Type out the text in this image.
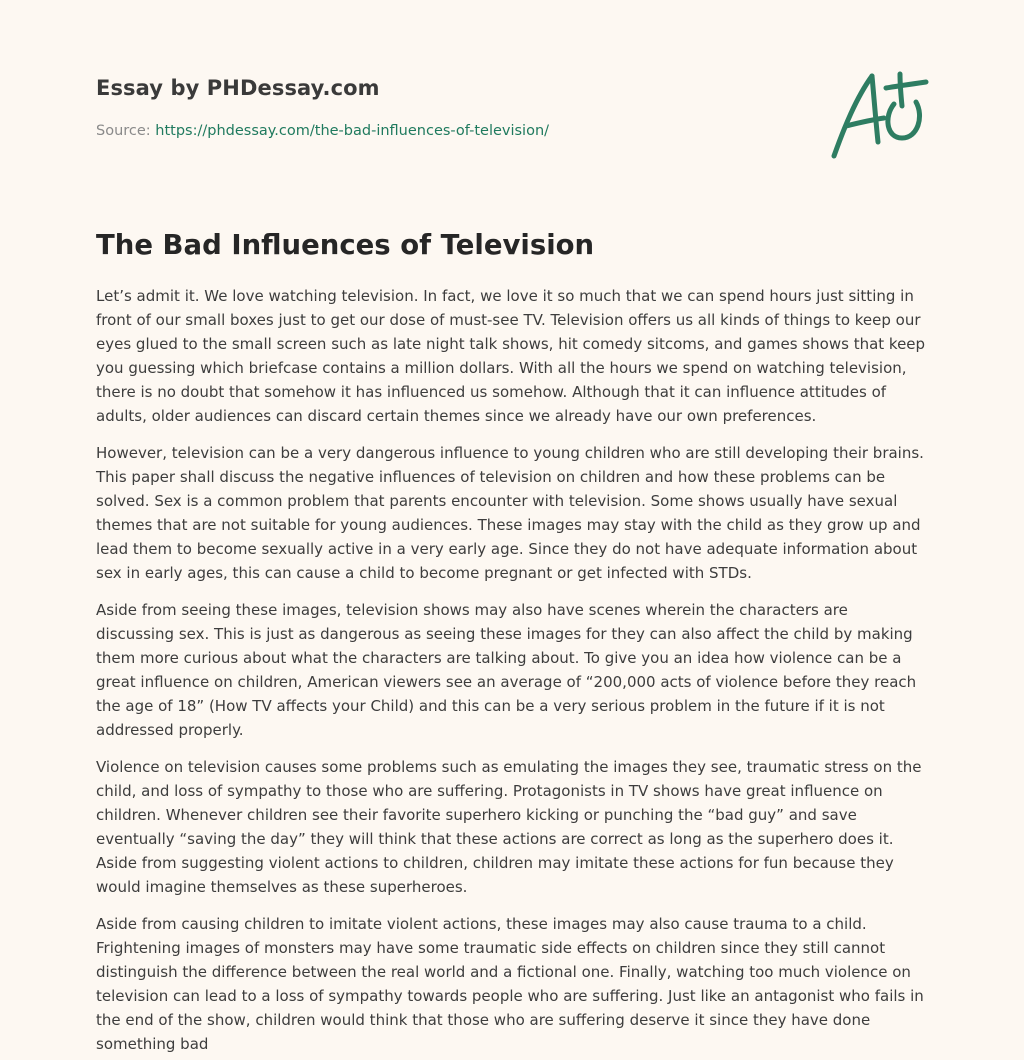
Essay by PHDessay.com
Source: https://phdessay.com/the-bad-influences-of-television/
The Bad Influences of Television

Let’s admit it. We love watching television. In fact, we love it so much that we can spend hours just sitting in front of our small boxes just to get our dose of must-see TV. Television offers us all kinds of things to keep our eyes glued to the small screen such as late night talk shows, hit comedy sitcoms, and games shows that keep you guessing which briefcase contains a million dollars. With all the hours we spend on watching television, there is no doubt that somehow it has influenced us somehow. Although that it can influence attitudes of adults, older audiences can discard certain themes since we already have our own preferences.

However, television can be a very dangerous influence to young children who are still developing their brains. This paper shall discuss the negative influences of television on children and how these problems can be solved. Sex is a common problem that parents encounter with television. Some shows usually have sexual themes that are not suitable for young audiences. These images may stay with the child as they grow up and lead them to become sexually active in a very early age. Since they do not have adequate information about sex in early ages, this can cause a child to become pregnant or get infected with STDs.

Aside from seeing these images, television shows may also have scenes wherein the characters are discussing sex. This is just as dangerous as seeing these images for they can also affect the child by making them more curious about what the characters are talking about. To give you an idea how violence can be a great influence on children, American viewers see an average of “200,000 acts of violence before they reach the age of 18” (How TV affects your Child) and this can be a very serious problem in the future if it is not addressed properly.

Violence on television causes some problems such as emulating the images they see, traumatic stress on the child, and loss of sympathy to those who are suffering. Protagonists in TV shows have great influence on children. Whenever children see their favorite superhero kicking or punching the “bad guy” and save eventually “saving the day” they will think that these actions are correct as long as the superhero does it. Aside from suggesting violent actions to children, children may imitate these actions for fun because they would imagine themselves as these superheroes.

Aside from causing children to imitate violent actions, these images may also cause trauma to a child. Frightening images of monsters may have some traumatic side effects on children since they still cannot distinguish the difference between the real world and a fictional one. Finally, watching too much violence on television can lead to a loss of sympathy towards people who are suffering. Just like an antagonist who fails in the end of the show, children would think that those who are suffering deserve it since they have done something bad
